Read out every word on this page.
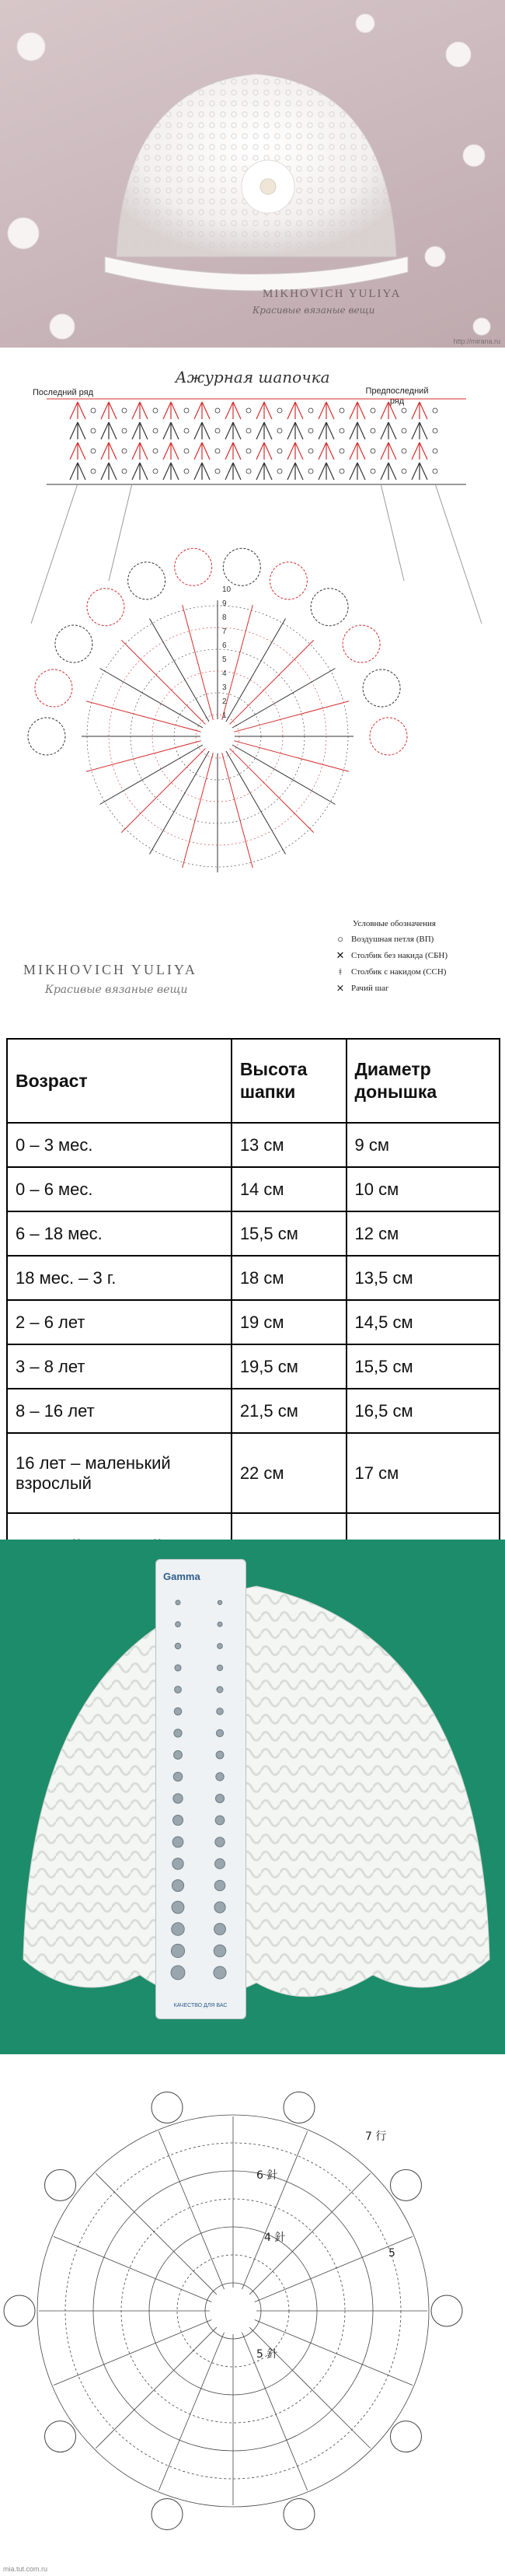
MIKHOVICH YULIYA
Красивые вязаные вещи
http://mirana.ru
Ажурная шапочка
Последний ряд	Предпоследний ряд
1
2
3
4
5
6
7
8
9
10
Условные обозначения
○ Воздушная петля (ВП)
✕ Столбик без накида (СБН)
ǂ	Столбик с накидом (ССН)
⨯ Рачий шаг
MIKHOVICH YULIYA
Красивые вязаные вещи
Возраст	Высота шапки	Диаметр донышка
0 – 3 мес.	13 см	9 см
0 – 6 мес.	14 см	10 см
6 – 18 мес.	15,5 см	12 см
18 мес. – 3 г.	18 см	13,5 см
2 – 6 лет	19 см	14,5 см
3 – 8 лет	19,5 см	15,5 см
8 – 16 лет	21,5 см	16,5 см
16 лет – маленький взрослый	22 см	17 см

Gamma
КАЧЕСТВО ДЛЯ ВАС
7 行
6 針
5
4 針
5 針
mia.tut.com.ru
